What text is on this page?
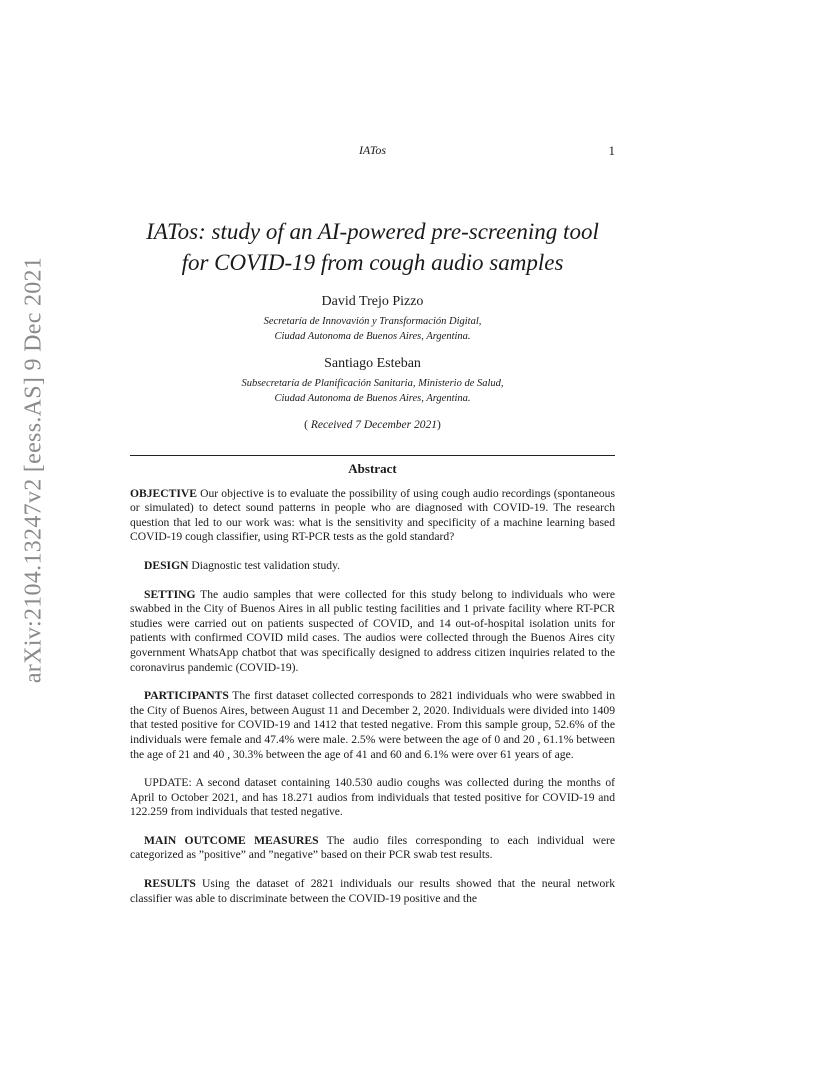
arXiv:2104.13247v2 [eess.AS] 9 Dec 2021
IATos	1
IATos: study of an AI-powered pre-screening tool
for COVID-19 from cough audio samples
David Trejo Pizzo
Secretaría de Innovavión y Transformación Digital,
Ciudad Autonoma de Buenos Aires, Argentina.
Santiago Esteban
Subsecretaría de Planificación Sanitaria, Ministerio de Salud,
Ciudad Autonoma de Buenos Aires, Argentina.
( Received 7 December 2021)
Abstract

OBJECTIVE Our objective is to evaluate the possibility of using cough audio recordings (spontaneous or simulated) to detect sound patterns in people who are diagnosed with COVID-19. The research question that led to our work was: what is the sensitivity and specificity of a machine learning based COVID-19 cough classifier, using RT-PCR tests as the gold standard?

DESIGN Diagnostic test validation study.

SETTING The audio samples that were collected for this study belong to individuals who were swabbed in the City of Buenos Aires in all public testing facilities and 1 private facility where RT-PCR studies were carried out on patients suspected of COVID, and 14 out-of-hospital isolation units for patients with confirmed COVID mild cases. The audios were collected through the Buenos Aires city government WhatsApp chatbot that was specifically designed to address citizen inquiries related to the coronavirus pandemic (COVID-19).

PARTICIPANTS The first dataset collected corresponds to 2821 individuals who were swabbed in the City of Buenos Aires, between August 11 and December 2, 2020. Individuals were divided into 1409 that tested positive for COVID-19 and 1412 that tested negative. From this sample group, 52.6% of the individuals were female and 47.4% were male. 2.5% were between the age of 0 and 20 , 61.1% between the age of 21 and 40 , 30.3% between the age of 41 and 60 and 6.1% were over 61 years of age.

UPDATE: A second dataset containing 140.530 audio coughs was collected during the months of April to October 2021, and has 18.271 audios from individuals that tested positive for COVID-19 and 122.259 from individuals that tested negative.

MAIN OUTCOME MEASURES The audio files corresponding to each individual were categorized as ”positive” and ”negative” based on their PCR swab test results.

RESULTS Using the dataset of 2821 individuals our results showed that the neural network classifier was able to discriminate between the COVID-19 positive and the
